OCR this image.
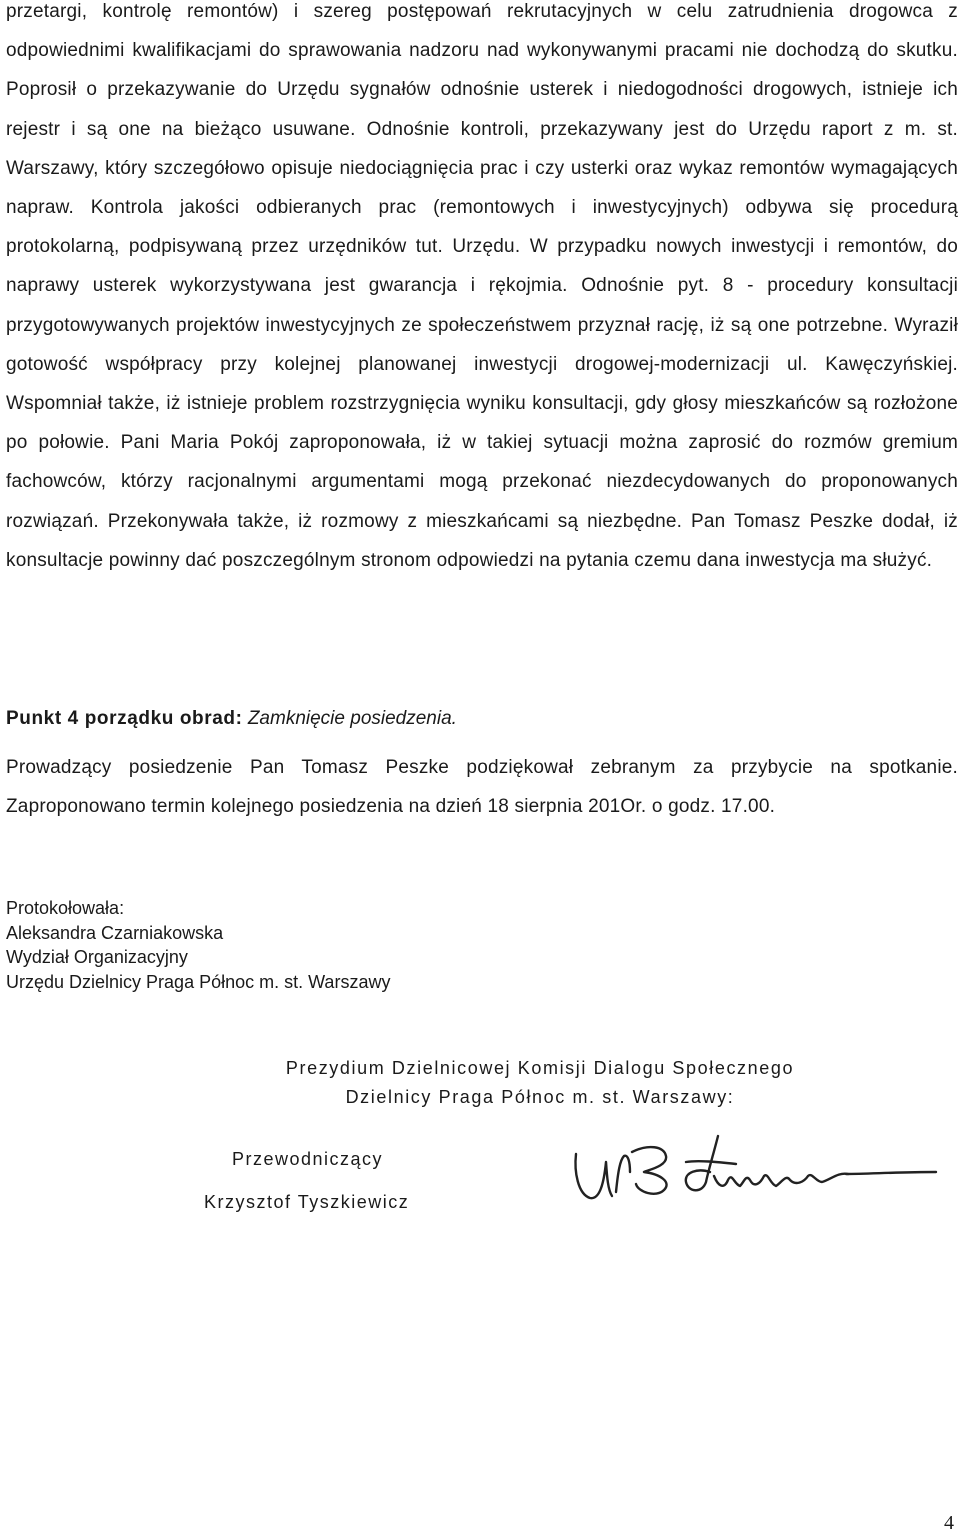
przetargi, kontrolę remontów) i szereg postępowań rekrutacyjnych w celu zatrudnienia drogowca z odpowiednimi kwalifikacjami do sprawowania nadzoru nad wykonywanymi pracami nie dochodzą do skutku. Poprosił o przekazywanie do Urzędu sygnałów odnośnie usterek i niedogodności drogowych, istnieje ich rejestr i są one na bieżąco usuwane. Odnośnie kontroli, przekazywany jest do Urzędu raport z m. st. Warszawy, który szczegółowo opisuje niedociągnięcia prac i czy usterki oraz wykaz remontów wymagających napraw. Kontrola jakości odbieranych prac (remontowych i inwestycyjnych) odbywa się procedurą protokolarną, podpisywaną przez urzędników tut. Urzędu. W przypadku nowych inwestycji i remontów, do naprawy usterek wykorzystywana jest gwarancja i rękojmia. Odnośnie pyt. 8 - procedury konsultacji przygotowywanych projektów inwestycyjnych ze społeczeństwem przyznał rację, iż są one potrzebne. Wyraził gotowość współpracy przy kolejnej planowanej inwestycji drogowej-modernizacji ul. Kawęczyńskiej. Wspomniał także, iż istnieje problem rozstrzygnięcia wyniku konsultacji, gdy głosy mieszkańców są rozłożone po połowie. Pani Maria Pokój zaproponowała, iż w takiej sytuacji można zaprosić do rozmów gremium fachowców, którzy racjonalnymi argumentami mogą przekonać niezdecydowanych do proponowanych rozwiązań. Przekonywała także, iż rozmowy z mieszkańcami są niezbędne. Pan Tomasz Peszke dodał, iż konsultacje powinny dać poszczególnym stronom odpowiedzi na pytania czemu dana inwestycja ma służyć.

Punkt 4 porządku obrad: Zamknięcie posiedzenia.

Prowadzący posiedzenie Pan Tomasz Peszke podziękował zebranym za przybycie na spotkanie. Zaproponowano termin kolejnego posiedzenia na dzień 18 sierpnia 201Or. o godz. 17.00.

Protokołowała:
Aleksandra Czarniakowska
Wydział Organizacyjny
Urzędu Dzielnicy Praga Północ m. st. Warszawy
Prezydium Dzielnicowej Komisji Dialogu Społecznego
Dzielnicy Praga Północ m. st. Warszawy:
Przewodniczący
Krzysztof Tyszkiewicz
4
